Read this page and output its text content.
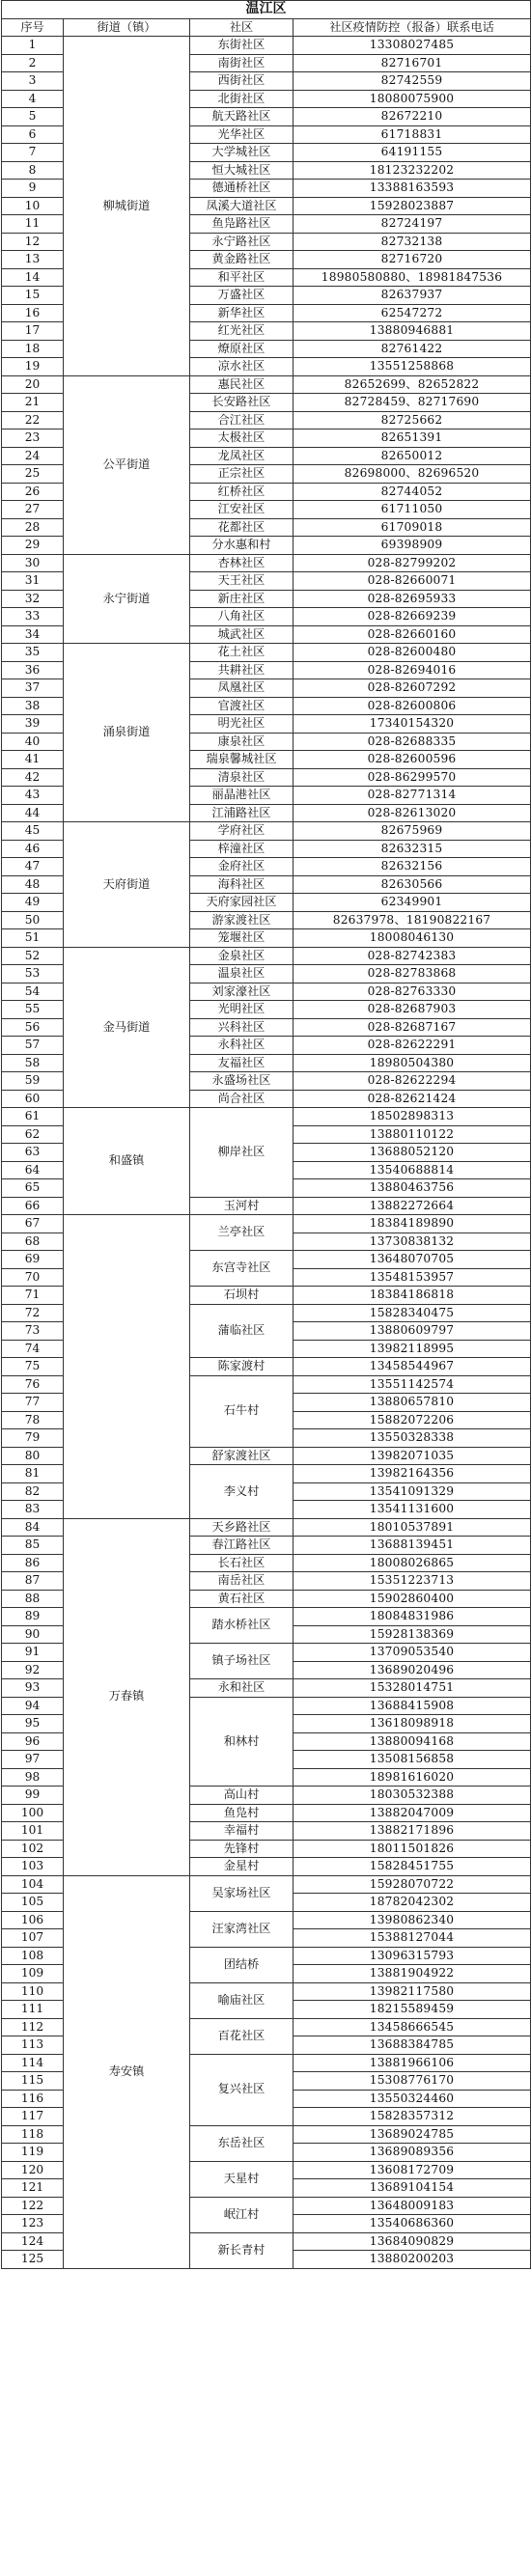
温江区			
序号	街道（镇）	社区	社区疫情防控（报备）联系电话
1	柳城街道	东街社区	13308027485
2		南街社区	82716701
3		西街社区	82742559
4		北街社区	18080075900
5		航天路社区	82672210
6		光华社区	61718831
7		大学城社区	64191155
8		恒大城社区	18123232202
9		德通桥社区	13388163593
10		凤溪大道社区	15928023887
11		鱼凫路社区	82724197
12		永宁路社区	82732138
13		黄金路社区	82716720
14		和平社区	18980580880、18981847536
15		万盛社区	82637937
16		新华社区	62547272
17		红光社区	13880946881
18		燎原社区	82761422
19		凉水社区	13551258868
20	公平街道	惠民社区	82652699、82652822
21		长安路社区	82728459、82717690
22		合江社区	82725662
23		太极社区	82651391
24		龙凤社区	82650012
25		正宗社区	82698000、82696520
26		红桥社区	82744052
27		江安社区	61711050
28		花都社区	61709018
29		分水惠和村	69398909
30	永宁街道	杏林社区	028-82799202
31		天王社区	028-82660071
32		新庄社区	028-82695933
33		八角社区	028-82669239
34		城武社区	028-82660160
35	涌泉街道	花土社区	028-82600480
36		共耕社区	028-82694016
37		凤凰社区	028-82607292
38		官渡社区	028-82600806
39		明光社区	17340154320
40		康泉社区	028-82688335
41		瑞泉馨城社区	028-82600596
42		清泉社区	028-86299570
43		丽晶港社区	028-82771314
44		江浦路社区	028-82613020
45	天府街道	学府社区	82675969
46		梓潼社区	82632315
47		金府社区	82632156
48		海科社区	82630566
49		天府家园社区	62349901
50		游家渡社区	82637978、18190822167
51		笼堰社区	18008046130
52	金马街道	金泉社区	028-82742383
53		温泉社区	028-82783868
54		刘家濠社区	028-82763330
55		光明社区	028-82687903
56		兴科社区	028-82687167
57		永科社区	028-82622291
58		友福社区	18980504380
59		永盛场社区	028-82622294
60		尚合社区	028-82621424
61	和盛镇	柳岸社区	18502898313
62			13880110122
63			13688052120
64			13540688814
65			13880463756
66		玉河村	13882272664
67		兰亭社区	18384189890
68			13730838132
69		东宫寺社区	13648070705
70			13548153957
71		石坝村	18384186818
72		蒲临社区	15828340475
73			13880609797
74			13982118995
75		陈家渡村	13458544967
76		石牛村	13551142574
77			13880657810
78			15882072206
79			13550328338
80		舒家渡社区	13982071035
81		李义村	13982164356
82			13541091329
83			13541131600
84	万春镇	天乡路社区	18010537891
85		春江路社区	13688139451
86		长石社区	18008026865
87		南岳社区	15351223713
88		黄石社区	15902860400
89		踏水桥社区	18084831986
90			15928138369
91		镇子场社区	13709053540
92			13689020496
93		永和社区	15328014751
94		和林村	13688415908
95			13618098918
96			13880094168
97			13508156858
98			18981616020
99		高山村	18030532388
100		鱼凫村	13882047009
101		幸福村	13882171896
102		先锋村	18011501826
103		金星村	15828451755
104	寿安镇	吴家场社区	15928070722
105			18782042302
106		汪家湾社区	13980862340
107			15388127044
108		团结桥	13096315793
109			13881904922
110		喻庙社区	13982117580
111			18215589459
112		百花社区	13458666545
113			13688384785
114		复兴社区	13881966106
115			15308776170
116			13550324460
117			15828357312
118		东岳社区	13689024785
119			13689089356
120		天星村	13608172709
121			13689104154
122		岷江村	13648009183
123			13540686360
124		新长青村	13684090829
125			13880200203
